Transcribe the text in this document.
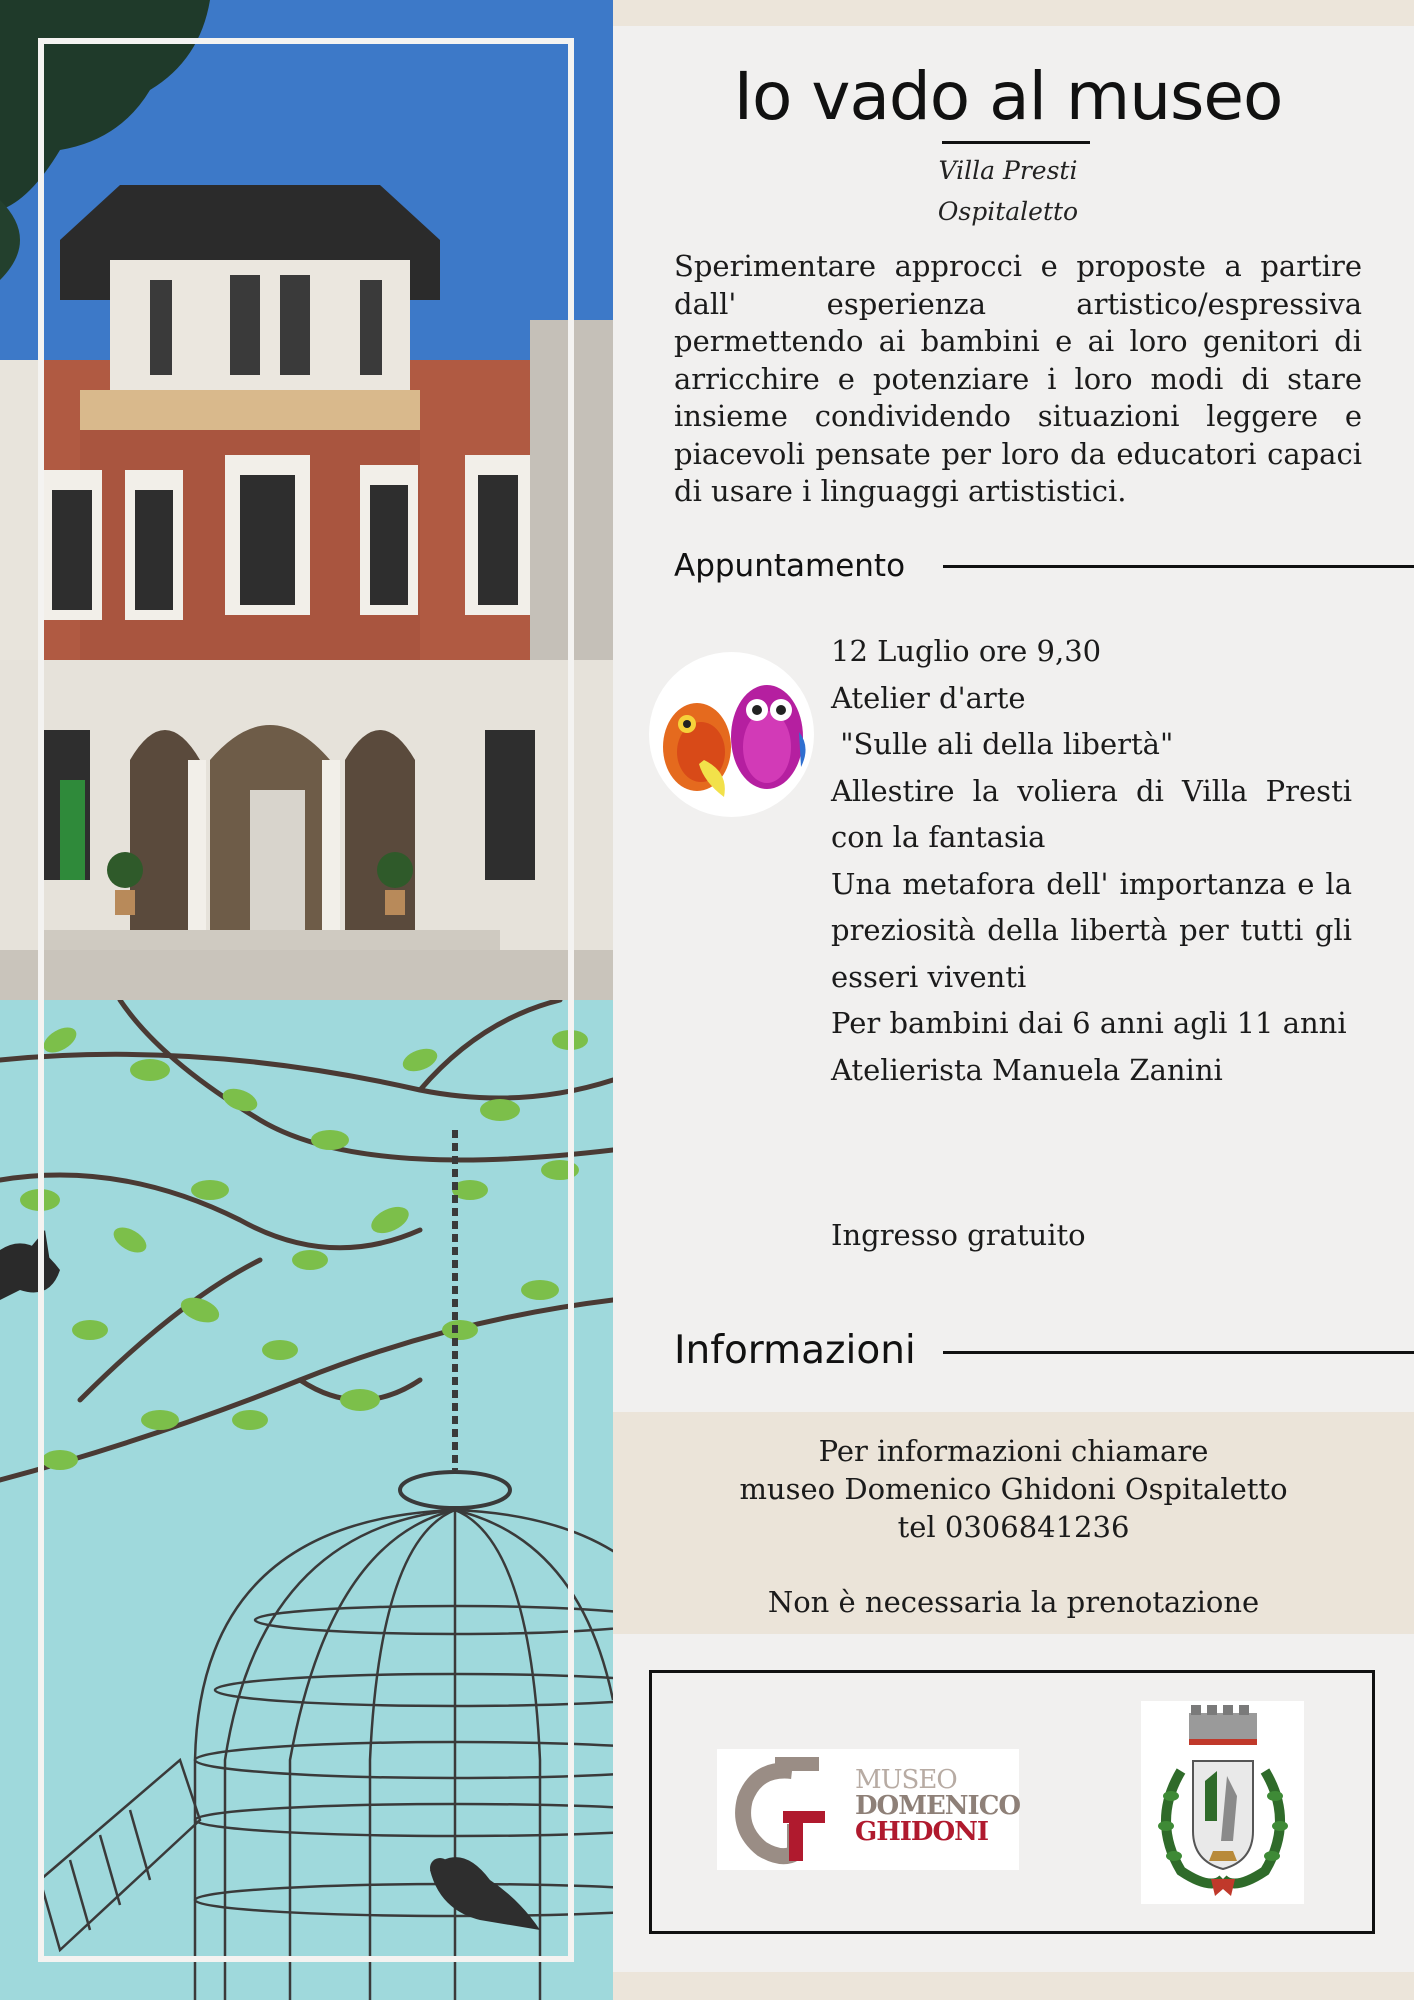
Io vado al museo
Villa Presti
Ospitaletto

Sperimentare approcci e proposte a partire dall' esperienza artistico/espressiva permettendo ai bambini e ai loro genitori di arricchire e potenziare i loro modi di stare insieme condividendo situazioni leggere e piacevoli pensate per loro da educatori capaci di usare i linguaggi artististici.

Appuntamento
12 Luglio ore 9,30
Atelier d'arte
"Sulle ali della libertà"
Allestire la voliera di Villa Presti
con la fantasia
Una metafora dell' importanza e la
preziosità della libertà per tutti gli
esseri viventi
Per bambini dai 6 anni agli 11 anni
Atelierista Manuela Zanini
Ingresso gratuito
Informazioni
Per informazioni chiamare
museo Domenico Ghidoni Ospitaletto
tel 0306841236
Non è necessaria la prenotazione
MUSEO
DOMENICO
GHIDONI
